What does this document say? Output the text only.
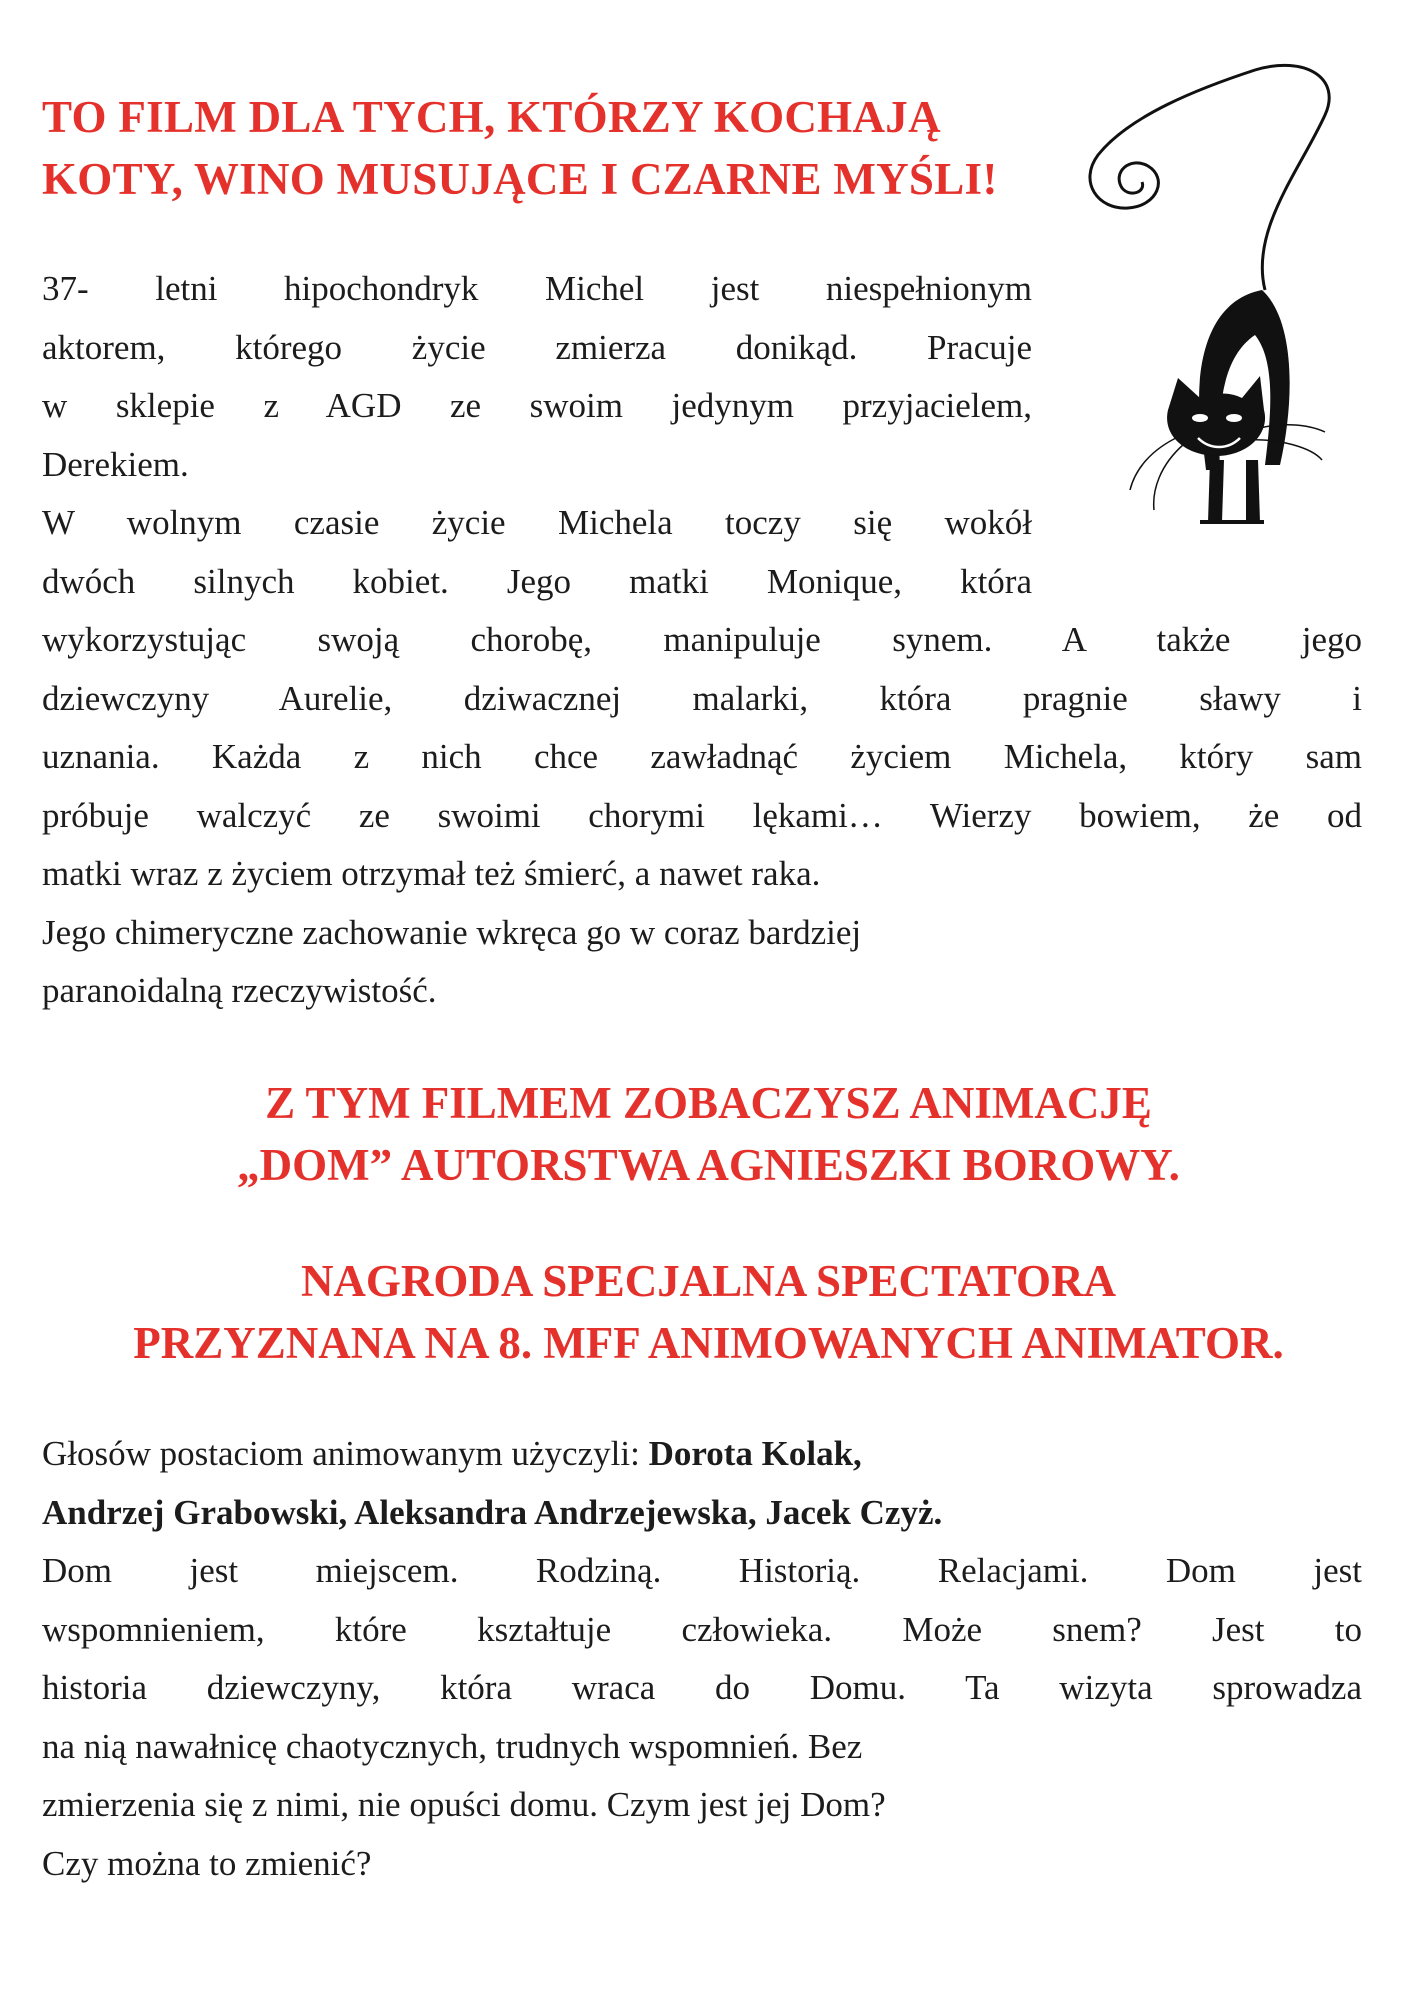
TO FILM DLA TYCH, KTÓRZY KOCHAJĄ
KOTY, WINO MUSUJĄCE I CZARNE MYŚLI!
37- letni hipochondryk Michel jest niespełnionym
aktorem, którego życie zmierza donikąd. Pracuje
w sklepie z AGD ze swoim jedynym przyjacielem,
Derekiem.
W wolnym czasie życie Michela toczy się wokół
dwóch silnych kobiet. Jego matki Monique, która
wykorzystując swoją chorobę, manipuluje synem. A także jego
dziewczyny Aurelie, dziwacznej malarki, która pragnie sławy i
uznania. Każda z nich chce zawładnąć życiem Michela, który sam
próbuje walczyć ze swoimi chorymi lękami… Wierzy bowiem, że od
matki wraz z życiem otrzymał też śmierć, a nawet raka.
Jego chimeryczne zachowanie wkręca go w coraz bardziej
paranoidalną rzeczywistość.
Z TYM FILMEM ZOBACZYSZ ANIMACJĘ
„DOM” AUTORSTWA AGNIESZKI BOROWY.
NAGRODA SPECJALNA SPECTATORA
PRZYZNANA NA 8. MFF ANIMOWANYCH ANIMATOR.
Głosów postaciom animowanym użyczyli: Dorota Kolak,
Andrzej Grabowski, Aleksandra Andrzejewska, Jacek Czyż.
Dom jest miejscem. Rodziną. Historią. Relacjami. Dom jest
wspomnieniem, które kształtuje człowieka. Może snem? Jest to
historia dziewczyny, która wraca do Domu. Ta wizyta sprowadza
na nią nawałnicę chaotycznych, trudnych wspomnień. Bez
zmierzenia się z nimi, nie opuści domu. Czym jest jej Dom?
Czy można to zmienić?
